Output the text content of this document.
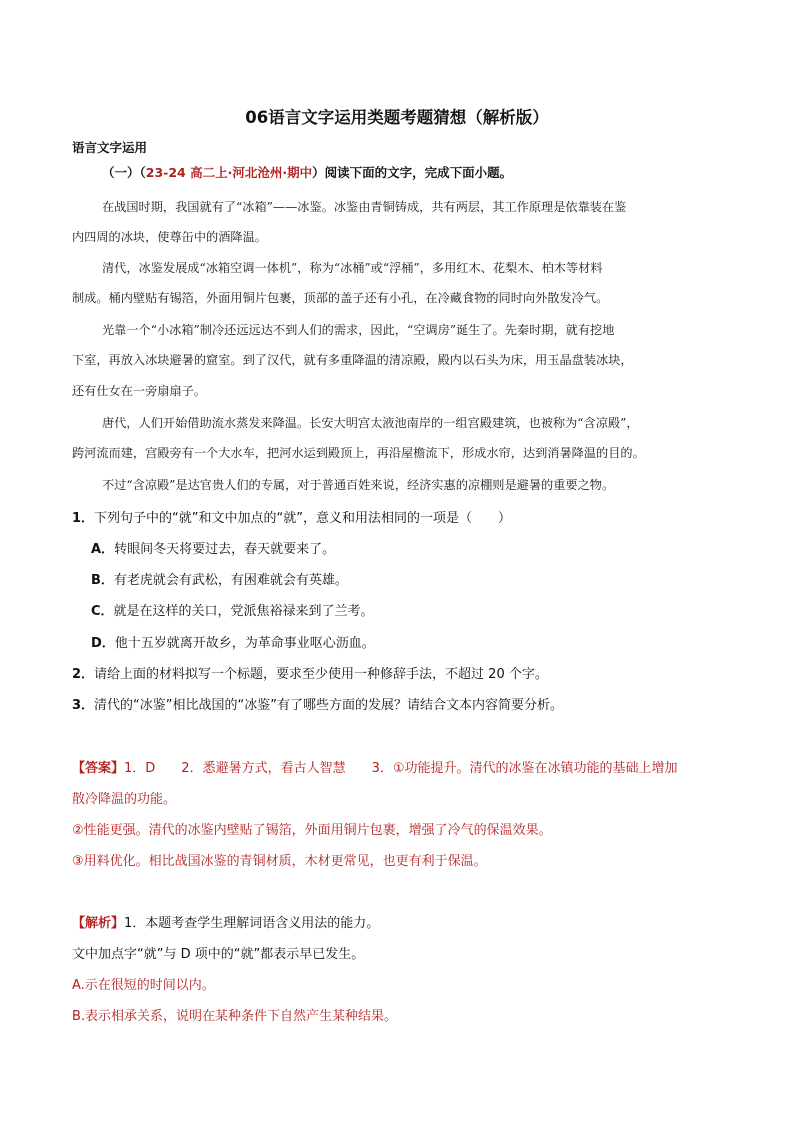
06语言文字运用类题考题猜想（解析版）
语言文字运用
（一）（23-24 高二上·河北沧州·期中）阅读下面的文字，完成下面小题。
在战国时期，我国就有了“冰箱”——冰鉴。冰鉴由青铜铸成，共有两层，其工作原理是依靠装在鉴
内四周的冰块，使尊缶中的酒降温。
清代，冰鉴发展成“冰箱空调一体机”，称为“冰桶”或“浮桶”，多用红木、花梨木、柏木等材料
制成。桶内壁贴有锡箔，外面用铜片包裹，顶部的盖子还有小孔，在冷藏食物的同时向外散发冷气。
光靠一个“小冰箱”制冷还远远达不到人们的需求，因此，“空调房”诞生了。先秦时期，就有挖地
下室，再放入冰块避暑的窟室。到了汉代，就有多重降温的清凉殿，殿内以石头为床，用玉晶盘装冰块，
还有仕女在一旁扇扇子。
唐代，人们开始借助流水蒸发来降温。长安大明宫太液池南岸的一组宫殿建筑，也被称为“含凉殿”，
跨河流而建，宫殿旁有一个大水车，把河水运到殿顶上，再沿屋檐流下，形成水帘，达到消暑降温的目的。
不过“含凉殿”是达官贵人们的专属，对于普通百姓来说，经济实惠的凉棚则是避暑的重要之物。
1．下列句子中的“就”和文中加点的“就”，意义和用法相同的一项是（　　）
A．转眼间冬天将要过去，春天就要来了。
B．有老虎就会有武松，有困难就会有英雄。
C．就是在这样的关口，党派焦裕禄来到了兰考。
D．他十五岁就离开故乡，为革命事业呕心沥血。
2．请给上面的材料拟写一个标题，要求至少使用一种修辞手法，不超过 20 个字。
3．清代的“冰鉴”相比战国的“冰鉴”有了哪些方面的发展？请结合文本内容简要分析。
【答案】1．D　　2．悉避暑方式，看古人智慧　　3．①功能提升。清代的冰鉴在冰镇功能的基础上增加
散冷降温的功能。
②性能更强。清代的冰鉴内壁贴了锡箔，外面用铜片包裹，增强了冷气的保温效果。
③用料优化。相比战国冰鉴的青铜材质，木材更常见，也更有利于保温。
【解析】1．本题考查学生理解词语含义用法的能力。
文中加点字“就”与 D 项中的“就”都表示早已发生。
A.示在很短的时间以内。
B.表示相承关系，说明在某种条件下自然产生某种结果。
